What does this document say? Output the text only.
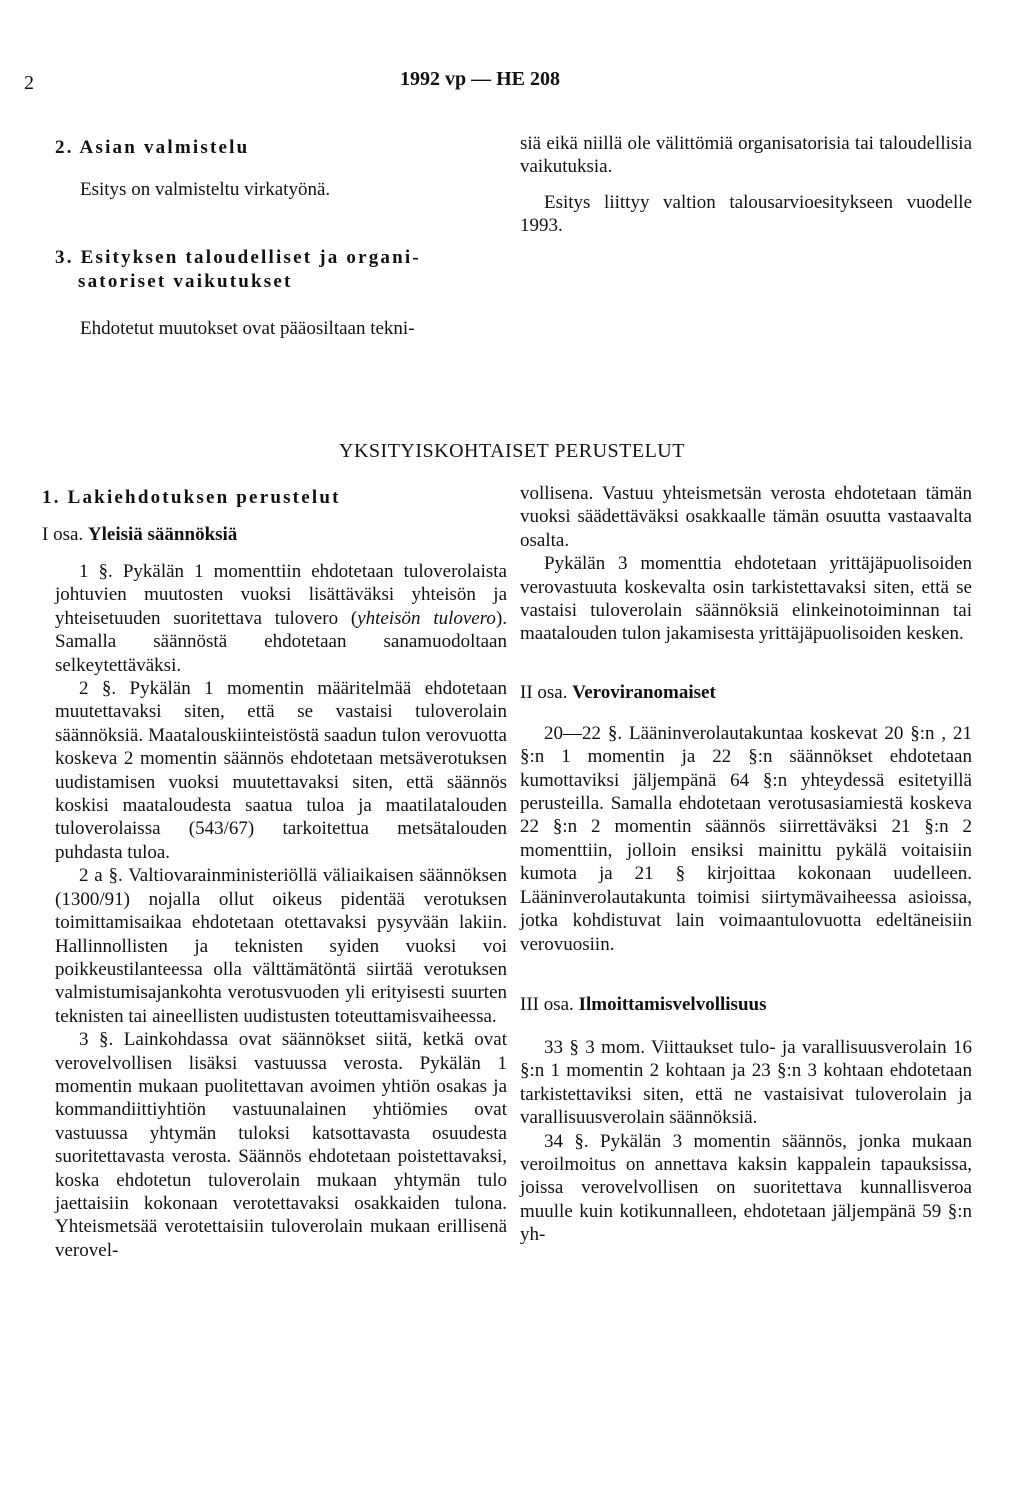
2	1992 vp — HE 208
2. Asian valmistelu
Esitys on valmisteltu virkatyönä.
3. Esityksen taloudelliset ja organi-
satoriset vaikutukset
Ehdotetut muutokset ovat pääosiltaan tekni-

siä eikä niillä ole välittömiä organisatorisia tai taloudellisia vaikutuksia.

Esitys liittyy valtion talousarvioesitykseen vuodelle 1993.

YKSITYISKOHTAISET PERUSTELUT
1. Lakiehdotuksen perustelut
I osa. Yleisiä säännöksiä

1 §. Pykälän 1 momenttiin ehdotetaan tuloverolaista johtuvien muutosten vuoksi lisättäväksi yhteisön ja yhteisetuuden suoritettava tulovero (yhteisön tulovero). Samalla säännöstä ehdotetaan sanamuodoltaan selkeytettäväksi.

2 §. Pykälän 1 momentin määritelmää ehdotetaan muutettavaksi siten, että se vastaisi tuloverolain säännöksiä. Maatalouskiinteistöstä saadun tulon verovuotta koskeva 2 momentin säännös ehdotetaan metsäverotuksen uudistamisen vuoksi muutettavaksi siten, että säännös koskisi maataloudesta saatua tuloa ja maatilatalouden tuloverolaissa (543/67) tarkoitettua metsätalouden puhdasta tuloa.

2 a §. Valtiovarainministeriöllä väliaikaisen säännöksen (1300/91) nojalla ollut oikeus pidentää verotuksen toimittamisaikaa ehdotetaan otettavaksi pysyvään lakiin. Hallinnollisten ja teknisten syiden vuoksi voi poikkeustilanteessa olla välttämätöntä siirtää verotuksen valmistumisajankohta verotusvuoden yli erityisesti suurten teknisten tai aineellisten uudistusten toteuttamisvaiheessa.

3 §. Lainkohdassa ovat säännökset siitä, ketkä ovat verovelvollisen lisäksi vastuussa verosta. Pykälän 1 momentin mukaan puolitettavan avoimen yhtiön osakas ja kommandiittiyhtiön vastuunalainen yhtiömies ovat vastuussa yhtymän tuloksi katsottavasta osuudesta suoritettavasta verosta. Säännös ehdotetaan poistettavaksi, koska ehdotetun tuloverolain mukaan yhtymän tulo jaettaisiin kokonaan verotettavaksi osakkaiden tulona. Yhteismetsää verotettaisiin tuloverolain mukaan erillisenä verovel-

vollisena. Vastuu yhteismetsän verosta ehdotetaan tämän vuoksi säädettäväksi osakkaalle tämän osuutta vastaavalta osalta.

Pykälän 3 momenttia ehdotetaan yrittäjäpuolisoiden verovastuuta koskevalta osin tarkistettavaksi siten, että se vastaisi tuloverolain säännöksiä elinkeinotoiminnan tai maatalouden tulon jakamisesta yrittäjäpuolisoiden kesken.

II osa. Veroviranomaiset

20—22 §. Lääninverolautakuntaa koskevat 20 §:n , 21 §:n 1 momentin ja 22 §:n säännökset ehdotetaan kumottaviksi jäljempänä 64 §:n yhteydessä esitetyillä perusteilla. Samalla ehdotetaan verotusasiamiestä koskeva 22 §:n 2 momentin säännös siirrettäväksi 21 §:n 2 momenttiin, jolloin ensiksi mainittu pykälä voitaisiin kumota ja 21 § kirjoittaa kokonaan uudelleen. Lääninverolautakunta toimisi siirtymävaiheessa asioissa, jotka kohdistuvat lain voimaantulovuotta edeltäneisiin verovuosiin.

III osa. Ilmoittamisvelvollisuus

33 § 3 mom. Viittaukset tulo- ja varallisuusverolain 16 §:n 1 momentin 2 kohtaan ja 23 §:n 3 kohtaan ehdotetaan tarkistettaviksi siten, että ne vastaisivat tuloverolain ja varallisuusverolain säännöksiä.

34 §. Pykälän 3 momentin säännös, jonka mukaan veroilmoitus on annettava kaksin kappalein tapauksissa, joissa verovelvollisen on suoritettava kunnallisveroa muulle kuin kotikunnalleen, ehdotetaan jäljempänä 59 §:n yh-
